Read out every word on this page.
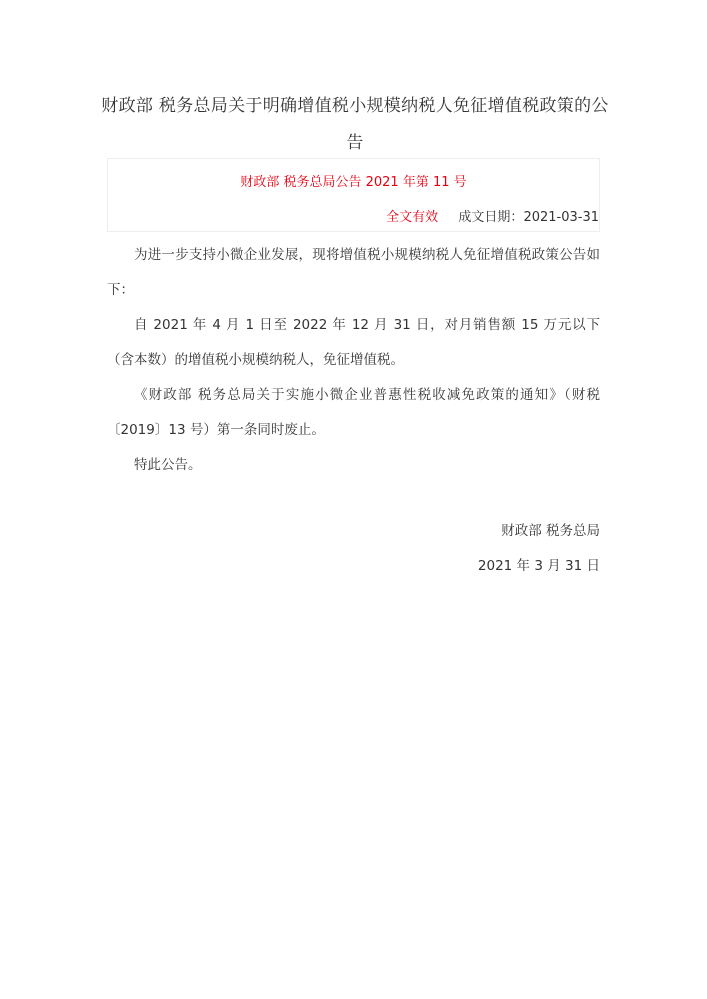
财政部 税务总局关于明确增值税小规模纳税人免征增值税政策的公告
财政部 税务总局公告 2021 年第 11 号
全文有效 成文日期：2021-03-31

为进一步支持小微企业发展，现将增值税小规模纳税人免征增值税政策公告如下：

自 2021 年 4 月 1 日至 2022 年 12 月 31 日，对月销售额 15 万元以下（含本数）的增值税小规模纳税人，免征增值税。

《财政部 税务总局关于实施小微企业普惠性税收减免政策的通知》（财税〔2019〕13 号）第一条同时废止。

特此公告。

财政部 税务总局
2021 年 3 月 31 日
